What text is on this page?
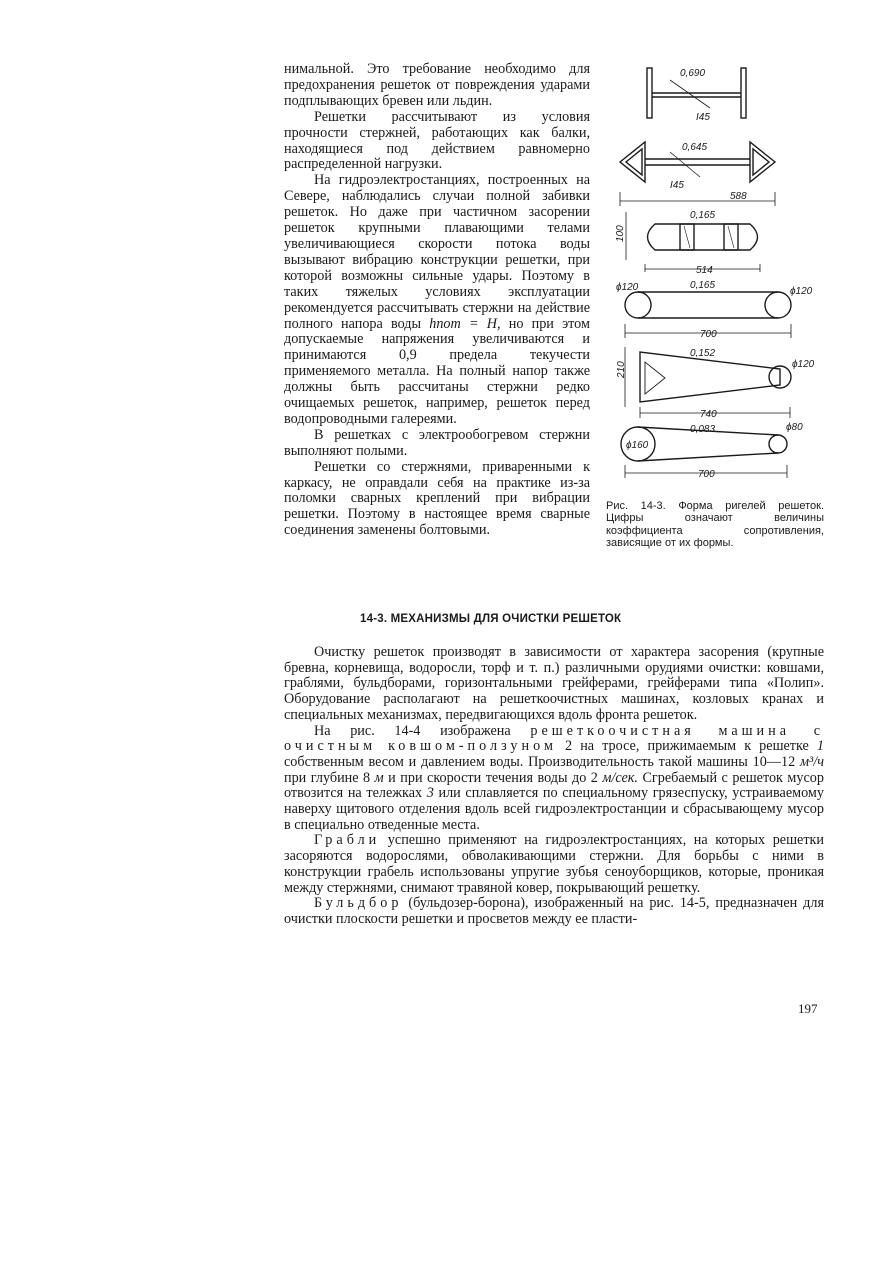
нимальной. Это требование необходимо для предохранения решеток от повреждения ударами подплывающих бревен или льдин.

Решетки рассчитывают из условия прочности стержней, работающих как балки, находящиеся под действием равномерно распределенной нагрузки.

На гидроэлектростанциях, построенных на Севере, наблюдались случаи полной забивки решеток. Но даже при частичном засорении решеток крупными плавающими телами увеличивающиеся скорости потока воды вызывают вибрацию конструкции решетки, при которой возможны сильные удары. Поэтому в таких тяжелых условиях эксплуатации рекомендуется рассчитывать стержни на действие полного напора воды hпот = H, но при этом допускаемые напряжения увеличиваются и принимаются 0,9 предела текучести применяемого металла. На полный напор также должны быть рассчитаны стержни редко очищаемых решеток, например, решеток перед водопроводными галереями.

В решетках с электрообогревом стержни выполняют полыми.

Решетки со стержнями, приваренными к каркасу, не оправдали себя на практике из-за поломки сварных креплений при вибрации решетки. Поэтому в настоящее время сварные соединения заменены болтовыми.

0,690
I45
0,645
I45
588
0,165
100
514
0,165
ϕ120	ϕ120
700
0,152
210	ϕ120
740
0,083
ϕ160
ϕ80
700
Рис. 14-3. Форма ригелей решеток. Цифры означают величины коэффициента сопротивления, зависящие от их формы.
14-3. МЕХАНИЗМЫ ДЛЯ ОЧИСТКИ РЕШЕТОК

Очистку решеток производят в зависимости от характера засорения (крупные бревна, корневища, водоросли, торф и т. п.) различными орудиями очистки: ковшами, граблями, бульдборами, горизонтальными грейферами, грейферами типа «Полип». Оборудование располагают на решеткоочистных машинах, козловых кранах и специальных механизмах, передвигающихся вдоль фронта решеток.

На рис. 14-4 изображена решеткоочистная машина с очистным ковшом-ползуном 2 на тросе, прижимаемым к решетке 1 собственным весом и давлением воды. Производительность такой машины 10—12 м³/ч при глубине 8 м и при скорости течения воды до 2 м/сек. Сгребаемый с решеток мусор отвозится на тележках 3 или сплавляется по специальному грязеспуску, устраиваемому наверху щитового отделения вдоль всей гидроэлектростанции и сбрасывающему мусор в специально отведенные места.

Грабли успешно применяют на гидроэлектростанциях, на которых решетки засоряются водорослями, обволакивающими стержни. Для борьбы с ними в конструкции грабель использованы упругие зубья сеноуборщиков, которые, проникая между стержнями, снимают травяной ковер, покрывающий решетку.

Бульдбор (бульдозер-борона), изображенный на рис. 14-5, предназначен для очистки плоскости решетки и просветов между ее пласти-

197
